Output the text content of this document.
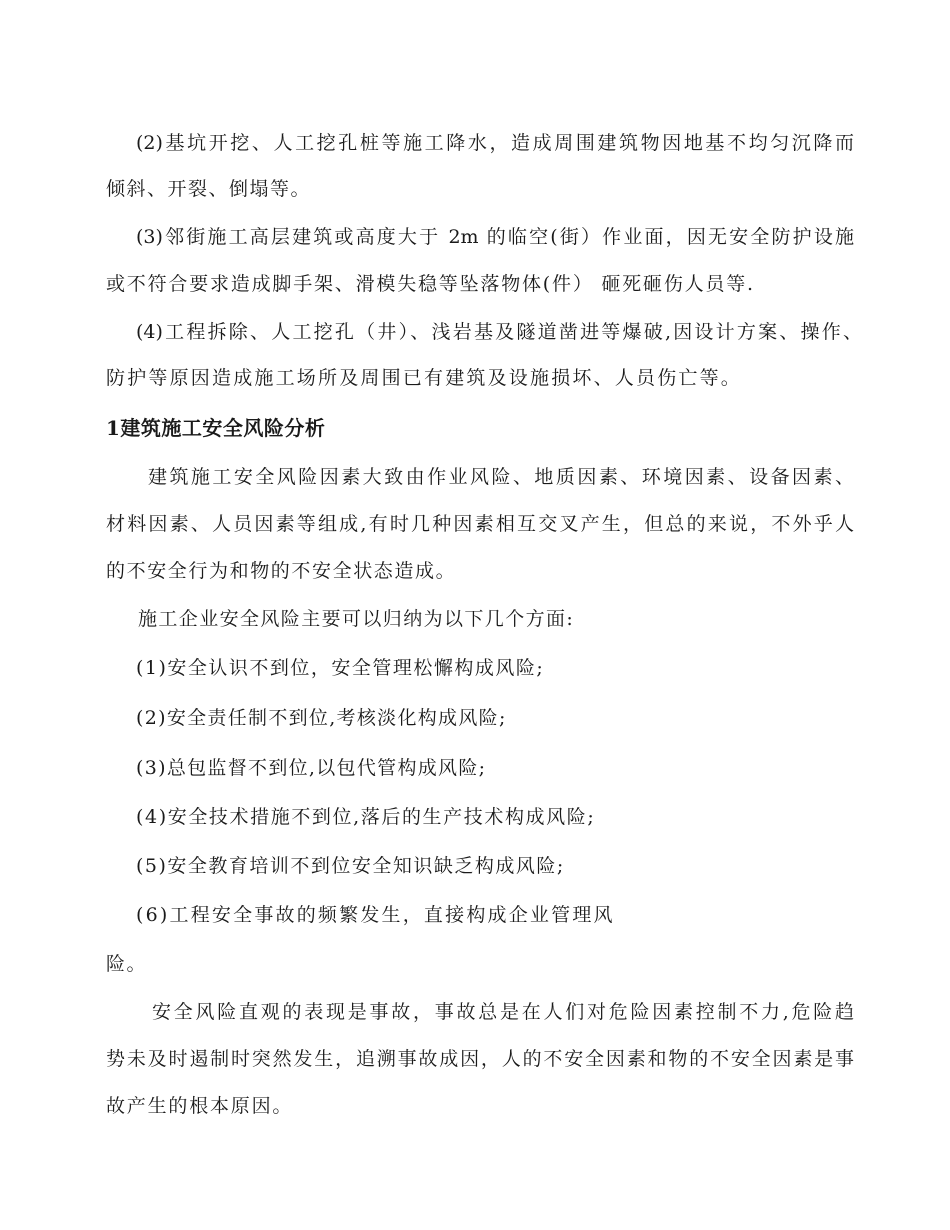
(2)基坑开挖、人工挖孔桩等施工降水，造成周围建筑物因地基不均匀沉降而
倾斜、开裂、倒塌等。
(3)邻街施工高层建筑或高度大于 2m 的临空(街）作业面，因无安全防护设施
或不符合要求造成脚手架、滑模失稳等坠落物体(件） 砸死砸伤人员等.
(4)工程拆除、人工挖孔（井）、浅岩基及隧道凿进等爆破,因设计方案、操作、
防护等原因造成施工场所及周围已有建筑及设施损坏、人员伤亡等。
1建筑施工安全风险分析
建筑施工安全风险因素大致由作业风险、地质因素、环境因素、设备因素、
材料因素、人员因素等组成,有时几种因素相互交叉产生，但总的来说，不外乎人
的不安全行为和物的不安全状态造成。
施工企业安全风险主要可以归纳为以下几个方面:
(1)安全认识不到位，安全管理松懈构成风险;
(2)安全责任制不到位,考核淡化构成风险;
(3)总包监督不到位,以包代管构成风险;
(4)安全技术措施不到位,落后的生产技术构成风险;
(5)安全教育培训不到位安全知识缺乏构成风险;
(6)工程安全事故的频繁发生，直接构成企业管理风
险。
安全风险直观的表现是事故，事故总是在人们对危险因素控制不力,危险趋
势未及时遏制时突然发生，追溯事故成因，人的不安全因素和物的不安全因素是事
故产生的根本原因。
